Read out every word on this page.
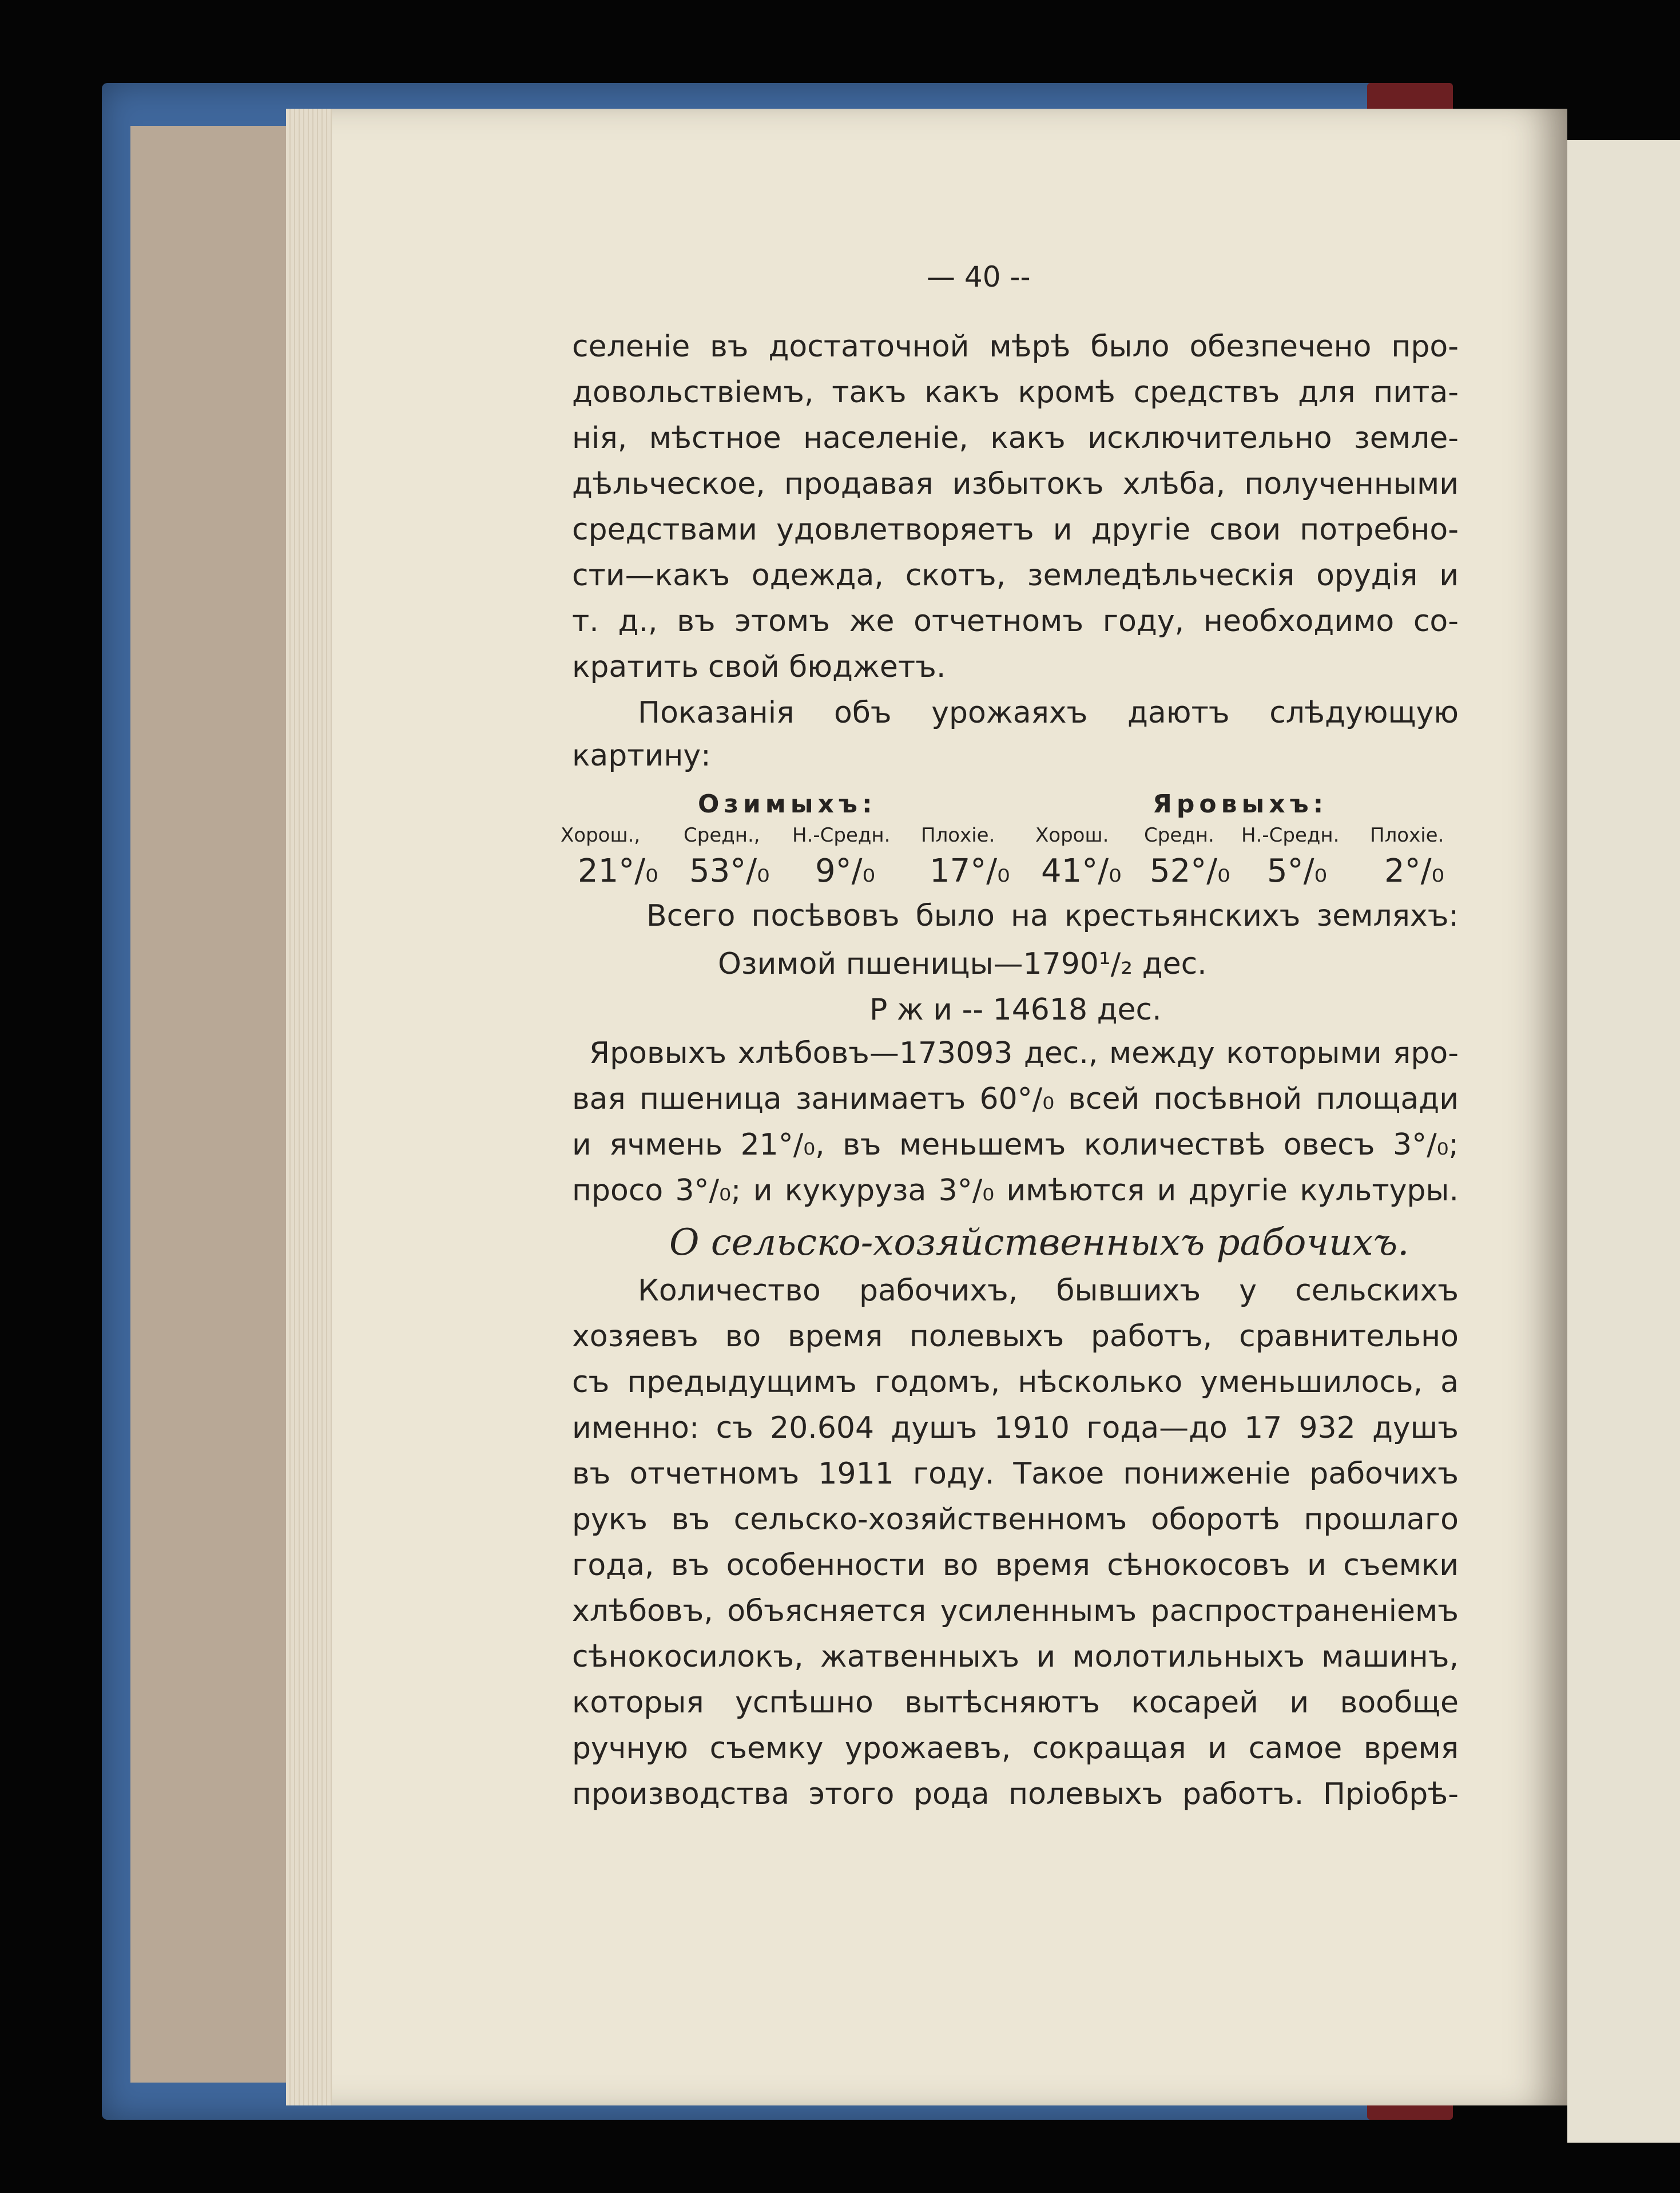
— 40 --
селеніе въ достаточной мѣрѣ было обезпечено про-
довольствіемъ, такъ какъ кромѣ средствъ для пита-
нія, мѣстное населеніе, какъ исключительно земле-
дѣльческое, продавая избытокъ хлѣба, полученными
средствами удовлетворяетъ и другіе свои потребно-
сти—какъ одежда, скотъ, земледѣльческія орудія и
т. д., въ этомъ же отчетномъ году, необходимо со-
кратить свой бюджетъ.
Показанія объ урожаяхъ даютъ слѣдующую
картину:
Озимыхъ:	Яровыхъ:
Хорош., Средн., Н.-Средн. Плохіе. Хорош. Средн. Н.-Средн. Плохіе.
21°/₀ 53°/₀ 9°/₀ 17°/₀ 41°/₀ 52°/₀ 5°/₀ 2°/₀
Всего посѣвовъ было на крестьянскихъ земляхъ:
Озимой пшеницы—1790¹/₂ дес.
Р ж и -- 14618 дес.
Яровыхъ хлѣбовъ—173093 дес., между которыми яро-
вая пшеница занимаетъ 60°/₀ всей посѣвной площади
и ячмень 21°/₀, въ меньшемъ количествѣ овесъ 3°/₀;
просо 3°/₀; и кукуруза 3°/₀ имѣются и другіе культуры.
О сельско-хозяйственныхъ рабочихъ.
Количество рабочихъ, бывшихъ у сельскихъ
хозяевъ во время полевыхъ работъ, сравнительно
съ предыдущимъ годомъ, нѣсколько уменьшилось, а
именно: съ 20.604 душъ 1910 года—до 17 932 душъ
въ отчетномъ 1911 году. Такое пониженіе рабочихъ
рукъ въ сельско-хозяйственномъ оборотѣ прошлаго
года, въ особенности во время сѣнокосовъ и съемки
хлѣбовъ, объясняется усиленнымъ распространеніемъ
сѣнокосилокъ, жатвенныхъ и молотильныхъ машинъ,
которыя успѣшно вытѣсняютъ косарей и вообще
ручную съемку урожаевъ, сокращая и самое время
производства этого рода полевыхъ работъ. Пріобрѣ-
